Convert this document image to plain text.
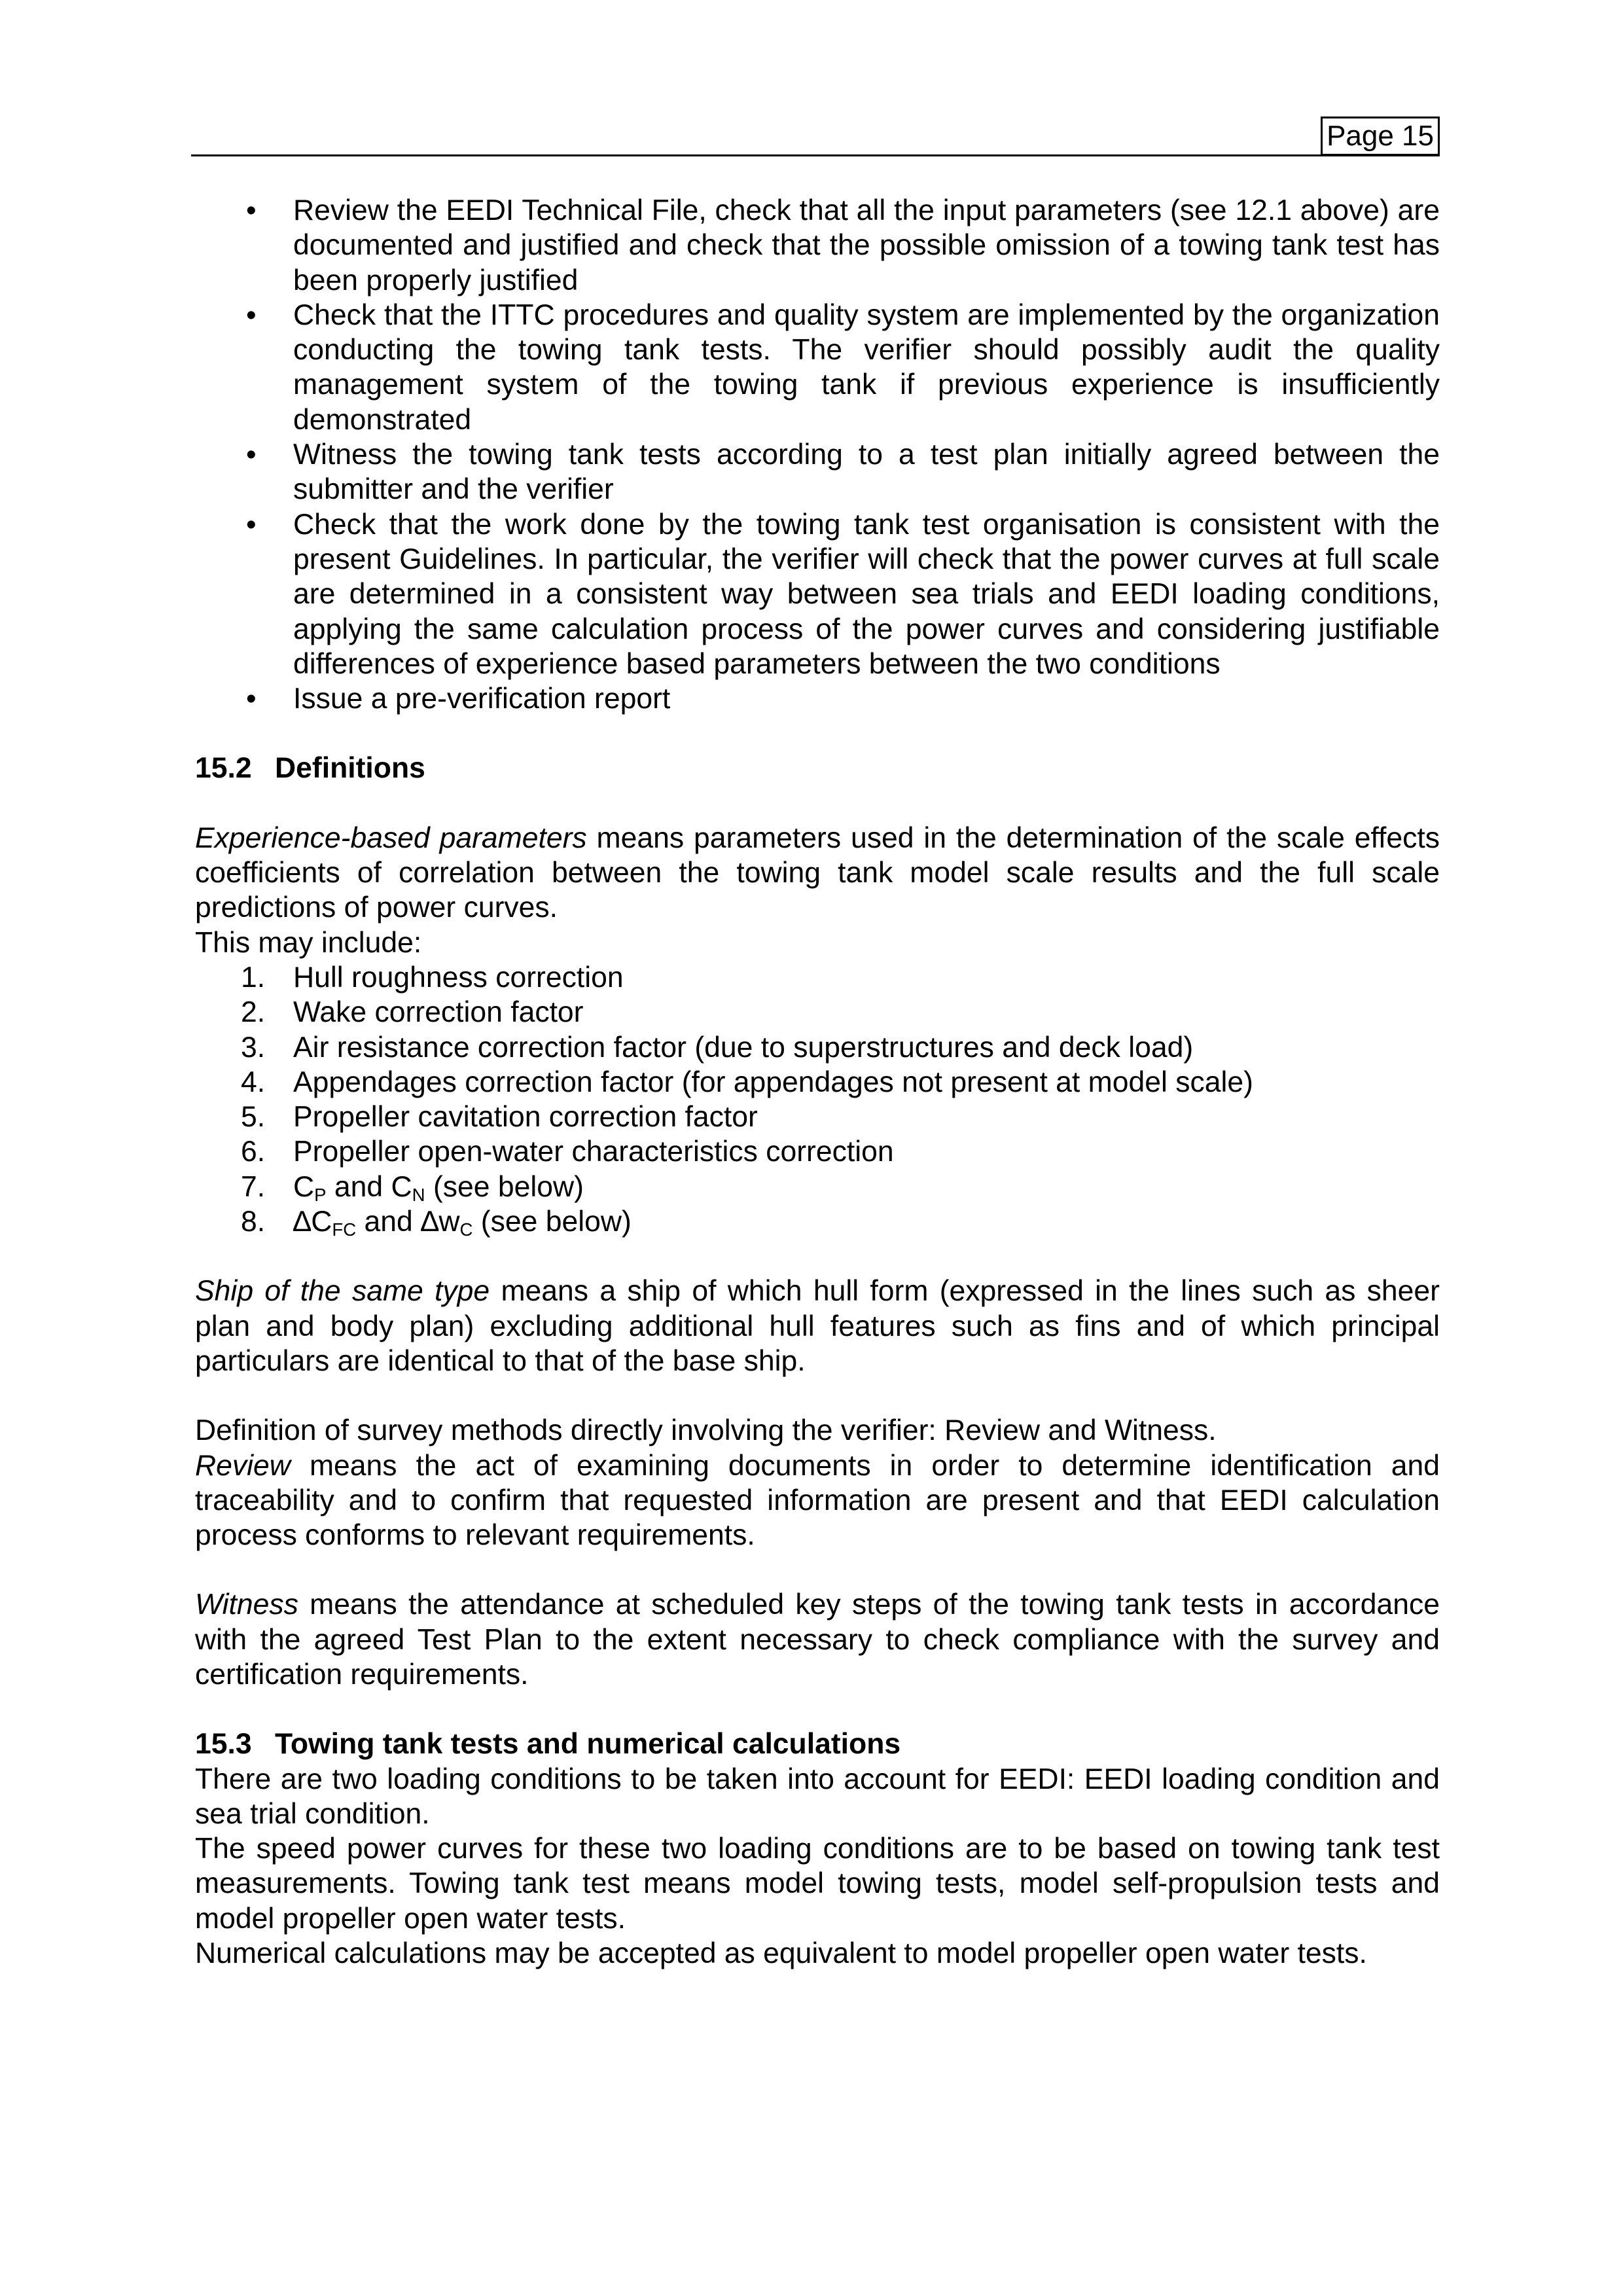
Page 15
• Review the EEDI Technical File, check that all the input parameters (see 12.1 above) are documented and justified and check that the possible omission of a towing tank test has been properly justified
• Check that the ITTC procedures and quality system are implemented by the organization conducting the towing tank tests. The verifier should possibly audit the quality management system of the towing tank if previous experience is insufficiently demonstrated
• Witness the towing tank tests according to a test plan initially agreed between the submitter and the verifier
• Check that the work done by the towing tank test organisation is consistent with the present Guidelines. In particular, the verifier will check that the power curves at full scale are determined in a consistent way between sea trials and EEDI loading conditions, applying the same calculation process of the power curves and considering justifiable differences of experience based parameters between the two conditions
• Issue a pre-verification report

15.2 Definitions

Experience-based parameters means parameters used in the determination of the scale effects coefficients of correlation between the towing tank model scale results and the full scale predictions of power curves.

This may include:

1. Hull roughness correction
2. Wake correction factor
3. Air resistance correction factor (due to superstructures and deck load)
4. Appendages correction factor (for appendages not present at model scale)
5. Propeller cavitation correction factor
6. Propeller open-water characteristics correction
7. $C_P$ and $C_N$ (see below)
8. $\Delta C_{FC}$ and $\Delta w_C$ (see below)

Ship of the same type means a ship of which hull form (expressed in the lines such as sheer plan and body plan) excluding additional hull features such as fins and of which principal particulars are identical to that of the base ship.

Definition of survey methods directly involving the verifier: Review and Witness.

Review means the act of examining documents in order to determine identification and traceability and to confirm that requested information are present and that EEDI calculation process conforms to relevant requirements.

Witness means the attendance at scheduled key steps of the towing tank tests in accordance with the agreed Test Plan to the extent necessary to check compliance with the survey and certification requirements.

15.3 Towing tank tests and numerical calculations

There are two loading conditions to be taken into account for EEDI: EEDI loading condition and sea trial condition.

The speed power curves for these two loading conditions are to be based on towing tank test measurements. Towing tank test means model towing tests, model self-propulsion tests and model propeller open water tests.

Numerical calculations may be accepted as equivalent to model propeller open water tests.
